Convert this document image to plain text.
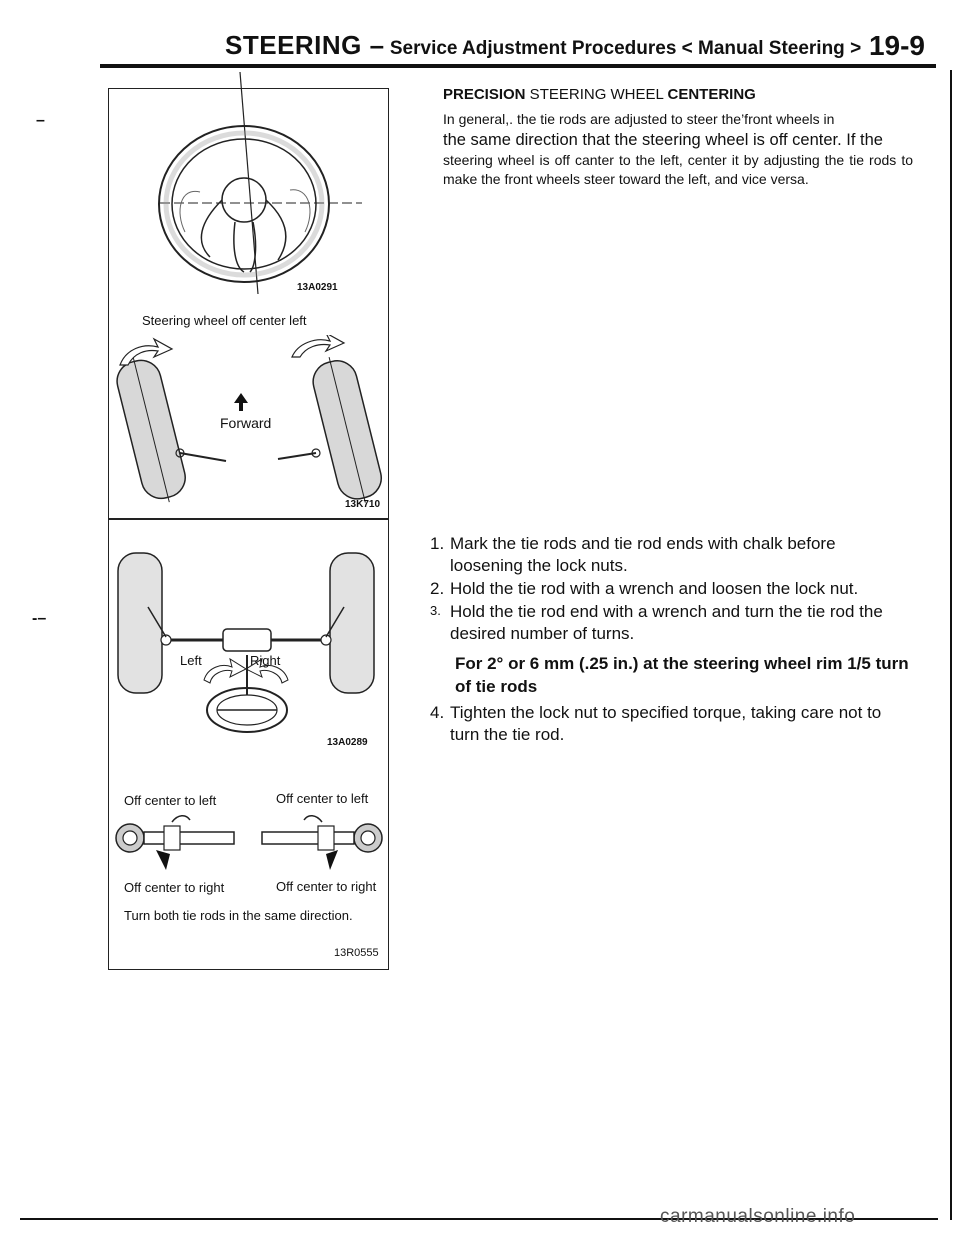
STEERING – Service Adjustment Procedures < Manual Steering > 19-9
–
-–
13A0291
Steering wheel off center left
Forward
13K710
Left	Right
13A0289
Off center to left	Off center to left
Off center to right	Off center to right
Turn both tie rods in the same direction.
13R0555
PRECISION STEERING WHEEL CENTERING
In general,. the tie rods are adjusted to steer the’front wheels in
the same direction that the steering wheel is off center. If the
steering wheel is off canter to the left, center it by adjusting the tie rods to make the front wheels steer toward the left, and vice versa.
1. Mark the tie rods and tie rod ends with chalk before loosening the lock nuts.
2. Hold the tie rod with a wrench and loosen the lock nut.
3. Hold the tie rod end with a wrench and turn the tie rod the desired number of turns.
For 2° or 6 mm (.25 in.) at the steering wheel rim 1/5 turn of tie rods
4. Tighten the lock nut to specified torque, taking care not to turn the tie rod.
carmanualsonline.info
